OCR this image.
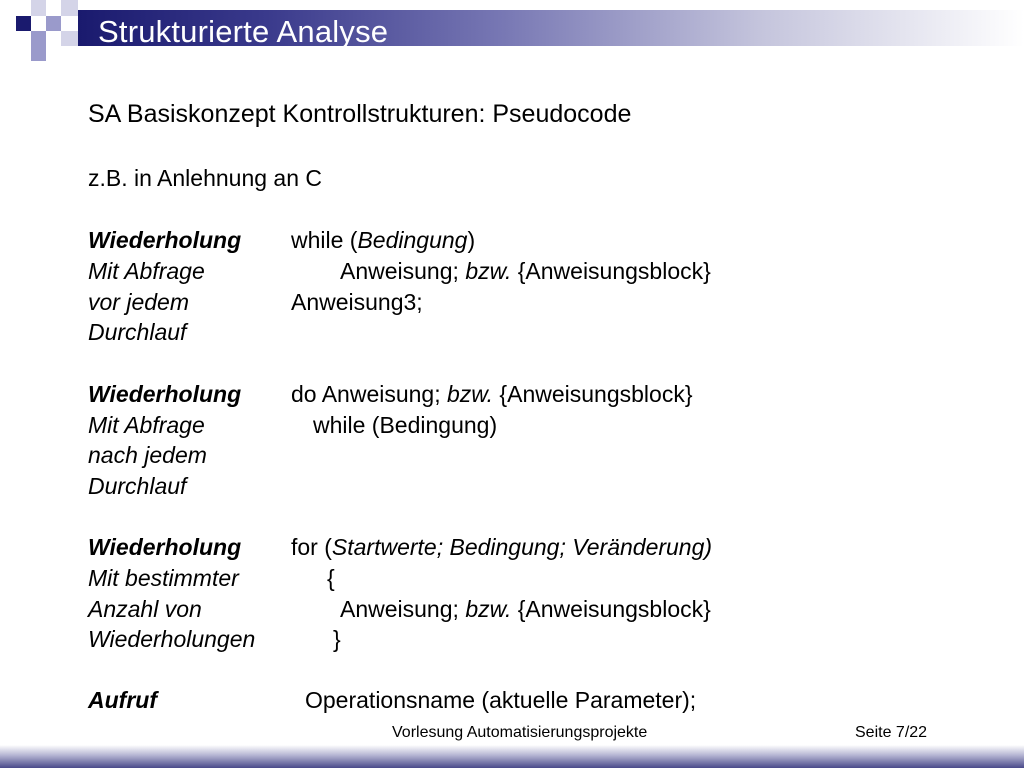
Strukturierte Analyse
SA Basiskonzept Kontrollstrukturen: Pseudocode
z.B. in Anlehnung an C
Wiederholung
Mit Abfrage
vor jedem
Durchlauf
while (Bedingung)
Anweisung; bzw. {Anweisungsblock}
Anweisung3;
Wiederholung
Mit Abfrage
nach jedem
Durchlauf
do Anweisung; bzw. {Anweisungsblock}
while (Bedingung)
Wiederholung
Mit bestimmter
Anzahl von
Wiederholungen
for (Startwerte; Bedingung; Veränderung)
{
Anweisung; bzw. {Anweisungsblock}
}
Aufruf	Operationsname (aktuelle Parameter);
Vorlesung Automatisierungsprojekte	Seite 7/22
